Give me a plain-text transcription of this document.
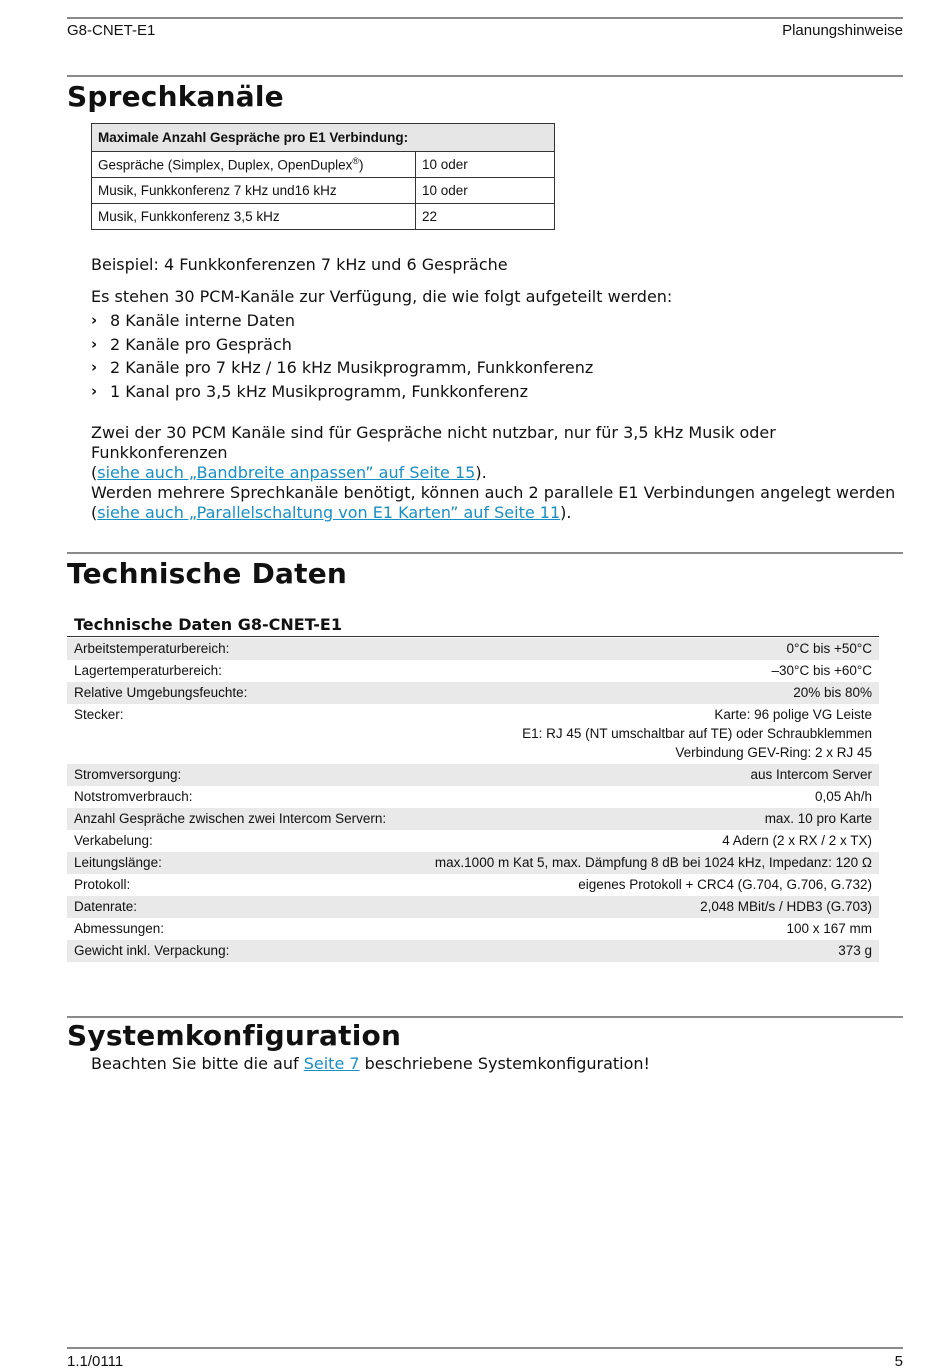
G8-CNET-E1	Planungshinweise
Sprechkanäle
Maximale Anzahl Gespräche pro E1 Verbindung:	
Gespräche (Simplex, Duplex, OpenDuplex®)	10 oder
Musik, Funkkonferenz 7 kHz und16 kHz	10 oder
Musik, Funkkonferenz 3,5 kHz	22
Beispiel: 4 Funkkonferenzen 7 kHz und 6 Gespräche
Es stehen 30 PCM-Kanäle zur Verfügung, die wie folgt aufgeteilt werden:
› 8 Kanäle interne Daten
› 2 Kanäle pro Gespräch
› 2 Kanäle pro 7 kHz / 16 kHz Musikprogramm, Funkkonferenz
› 1 Kanal pro 3,5 kHz Musikprogramm, Funkkonferenz
Zwei der 30 PCM Kanäle sind für Gespräche nicht nutzbar, nur für 3,5 kHz Musik oder Funkkonferenzen
(siehe auch „Bandbreite anpassen” auf Seite 15).
Werden mehrere Sprechkanäle benötigt, können auch 2 parallele E1 Verbindungen angelegt werden
(siehe auch „Parallelschaltung von E1 Karten” auf Seite 11).
Technische Daten
Technische Daten G8-CNET-E1
Arbeitstemperaturbereich:	0°C bis +50°C

Lagertemperaturbereich:	–30°C bis +60°C

Relative Umgebungsfeuchte:	20% bis 80%

Stecker:	Karte: 96 polige VG Leiste
E1: RJ 45 (NT umschaltbar auf TE) oder Schraubklemmen
Verbindung GEV-Ring: 2 x RJ 45

Stromversorgung:	aus Intercom Server

Notstromverbrauch:	0,05 Ah/h

Anzahl Gespräche zwischen zwei Intercom Servern:	max. 10 pro Karte

Verkabelung:	4 Adern (2 x RX / 2 x TX)

Leitungslänge:	max.1000 m Kat 5, max. Dämpfung 8 dB bei 1024 kHz, Impedanz: 120 Ω

Protokoll:	eigenes Protokoll + CRC4 (G.704, G.706, G.732)

Datenrate:	2,048 MBit/s / HDB3 (G.703)

Abmessungen:	100 x 167 mm

Gewicht inkl. Verpackung:	373 g
Systemkonfiguration
Beachten Sie bitte die auf Seite 7 beschriebene Systemkonfiguration!
1.1/0111	5
